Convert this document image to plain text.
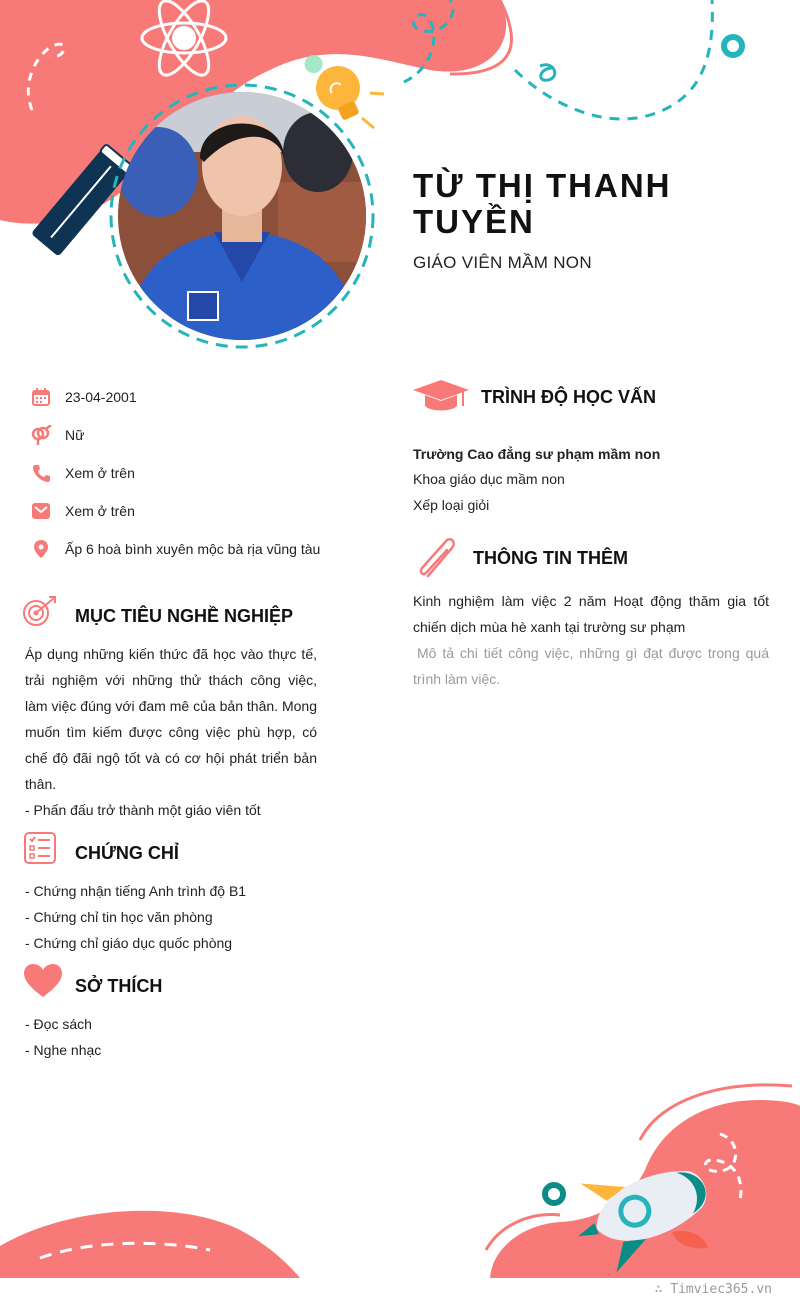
TỪ THỊ THANH TUYỀN
GIÁO VIÊN MẦM NON
23-04-2001
Nữ
Xem ở trên
Xem ở trên
Ấp 6 hoà bình xuyên mộc bà rịa vũng tàu
MỤC TIÊU NGHỀ NGHIỆP
Áp dụng những kiến thức đã học vào thực tế, trải nghiệm với những thử thách công việc, làm việc đúng với đam mê của bản thân. Mong muốn tìm kiếm được công việc phù hợp, có chế độ đãi ngộ tốt và có cơ hội phát triển bản thân.
- Phấn đấu trở thành một giáo viên tốt
CHỨNG CHỈ
- Chứng nhận tiếng Anh trình độ B1
- Chứng chỉ tin học văn phòng
- Chứng chỉ giáo dục quốc phòng
SỞ THÍCH
- Đọc sách
- Nghe nhạc
TRÌNH ĐỘ HỌC VẤN
Trường Cao đẳng sư phạm mầm non
Khoa giáo dục mầm non
Xếp loại giỏi
THÔNG TIN THÊM
Kinh nghiệm làm việc 2 năm Hoạt động thăm gia tốt chiến dịch mùa hè xanh tại trường sư phạm
Mô tả chi tiết công việc, những gì đạt được trong quá trình làm việc.
∴ Timviec365.vn
